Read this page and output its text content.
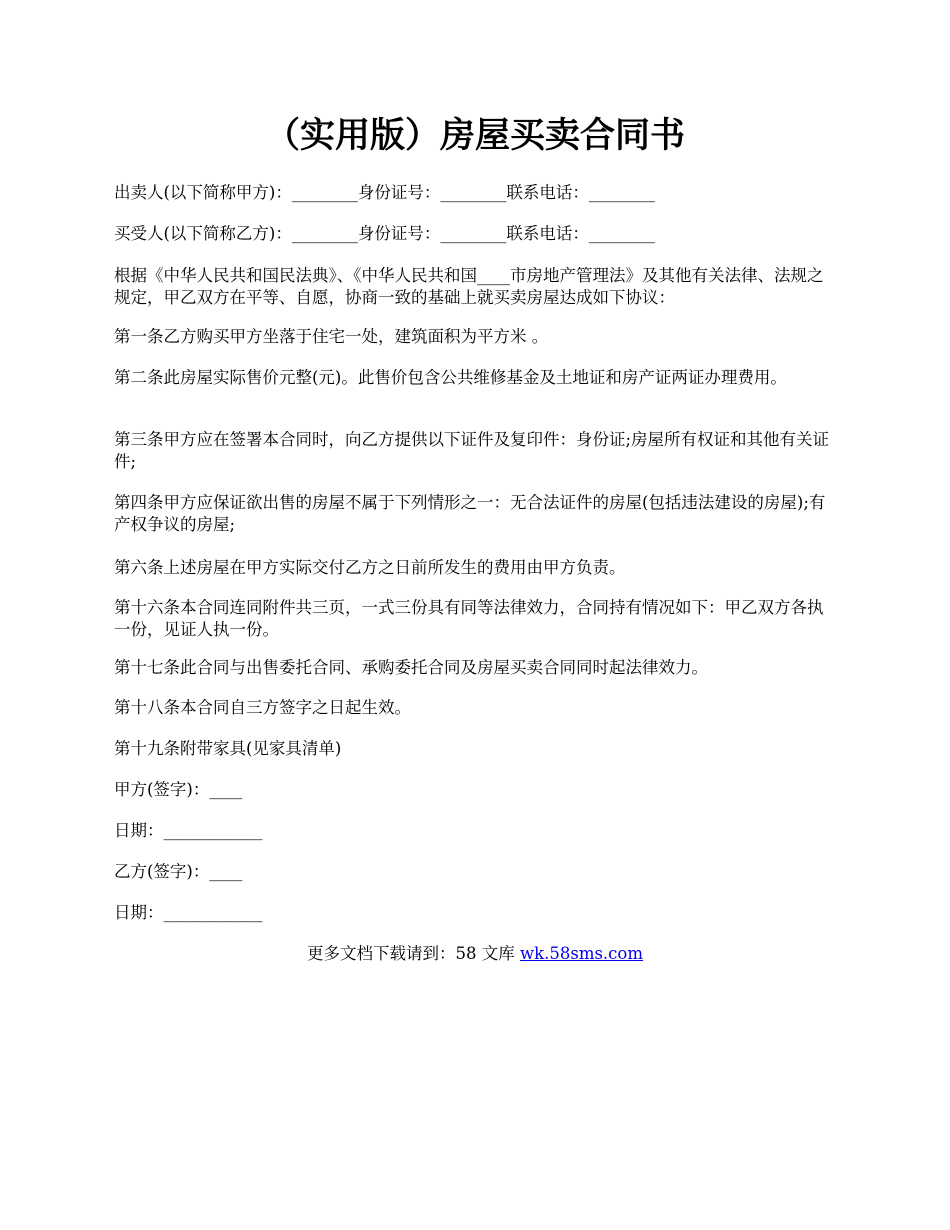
（实用版）房屋买卖合同书

出卖人(以下简称甲方)：________身份证号：________联系电话：________

买受人(以下简称乙方)：________身份证号：________联系电话：________

根据《中华人民共和国民法典》、《中华人民共和国____市房地产管理法》及其他有关法律、法规之规定，甲乙双方在平等、自愿，协商一致的基础上就买卖房屋达成如下协议：

第一条乙方购买甲方坐落于住宅一处，建筑面积为平方米 。

第二条此房屋实际售价元整(元)。此售价包含公共维修基金及土地证和房产证两证办理费用。

第三条甲方应在签署本合同时，向乙方提供以下证件及复印件：身份证;房屋所有权证和其他有关证件;

第四条甲方应保证欲出售的房屋不属于下列情形之一：无合法证件的房屋(包括违法建设的房屋);有产权争议的房屋;

第六条上述房屋在甲方实际交付乙方之日前所发生的费用由甲方负责。

第十六条本合同连同附件共三页，一式三份具有同等法律效力，合同持有情况如下：甲乙双方各执一份，见证人执一份。

第十七条此合同与出售委托合同、承购委托合同及房屋买卖合同同时起法律效力。

第十八条本合同自三方签字之日起生效。

第十九条附带家具(见家具清单)

甲方(签字)：____

日期：____________

乙方(签字)：____

日期：____________

更多文档下载请到：58 文库 wk.58sms.com
